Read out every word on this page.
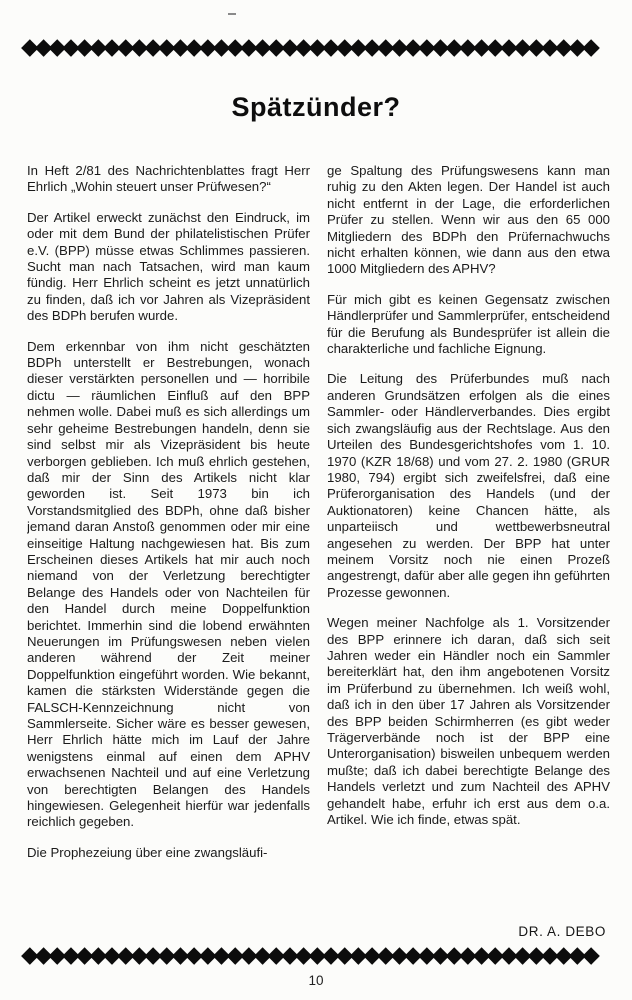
◆◆◆◆◆◆◆◆◆◆◆◆◆◆◆◆◆◆◆◆◆◆◆◆◆◆◆◆◆◆◆◆◆◆◆◆◆◆◆◆◆◆
Spätzünder?

In Heft 2/81 des Nachrichtenblattes fragt Herr Ehrlich „Wohin steuert unser Prüfwesen?“

Der Artikel erweckt zunächst den Eindruck, im oder mit dem Bund der philatelistischen Prüfer e.V. (BPP) müsse etwas Schlimmes passieren. Sucht man nach Tatsachen, wird man kaum fündig. Herr Ehrlich scheint es jetzt unnatürlich zu finden, daß ich vor Jahren als Vizepräsident des BDPh berufen wurde.

Dem erkennbar von ihm nicht geschätzten BDPh unterstellt er Bestrebungen, wonach dieser verstärkten personellen und — horribile dictu — räumlichen Einfluß auf den BPP nehmen wolle. Dabei muß es sich allerdings um sehr geheime Bestrebungen handeln, denn sie sind selbst mir als Vizepräsident bis heute verborgen geblieben. Ich muß ehrlich gestehen, daß mir der Sinn des Artikels nicht klar geworden ist. Seit 1973 bin ich Vorstandsmitglied des BDPh, ohne daß bisher jemand daran Anstoß genommen oder mir eine einseitige Haltung nachgewiesen hat. Bis zum Erscheinen dieses Artikels hat mir auch noch niemand von der Verletzung berechtigter Belange des Handels oder von Nachteilen für den Handel durch meine Doppelfunktion berichtet. Immerhin sind die lobend erwähnten Neuerungen im Prüfungswesen neben vielen anderen während der Zeit meiner Doppelfunktion eingeführt worden. Wie bekannt, kamen die stärksten Widerstände gegen die FALSCH-Kennzeichnung nicht von Sammlerseite. Sicher wäre es besser gewesen, Herr Ehrlich hätte mich im Lauf der Jahre wenigstens einmal auf einen dem APHV erwachsenen Nachteil und auf eine Verletzung von berechtigten Belangen des Handels hingewiesen. Gelegenheit hierfür war jedenfalls reichlich gegeben.

Die Prophezeiung über eine zwangsläufi-

ge Spaltung des Prüfungswesens kann man ruhig zu den Akten legen. Der Handel ist auch nicht entfernt in der Lage, die erforderlichen Prüfer zu stellen. Wenn wir aus den 65 000 Mitgliedern des BDPh den Prüfernachwuchs nicht erhalten können, wie dann aus den etwa 1000 Mitgliedern des APHV?

Für mich gibt es keinen Gegensatz zwischen Händlerprüfer und Sammlerprüfer, entscheidend für die Berufung als Bundesprüfer ist allein die charakterliche und fachliche Eignung.

Die Leitung des Prüferbundes muß nach anderen Grundsätzen erfolgen als die eines Sammler- oder Händlerverbandes. Dies ergibt sich zwangsläufig aus der Rechtslage. Aus den Urteilen des Bundesgerichtshofes vom 1. 10. 1970 (KZR 18/68) und vom 27. 2. 1980 (GRUR 1980, 794) ergibt sich zweifelsfrei, daß eine Prüferorganisation des Handels (und der Auktionatoren) keine Chancen hätte, als unparteiisch und wettbewerbsneutral angesehen zu werden. Der BPP hat unter meinem Vorsitz noch nie einen Prozeß angestrengt, dafür aber alle gegen ihn geführten Prozesse gewonnen.

Wegen meiner Nachfolge als 1. Vorsitzender des BPP erinnere ich daran, daß sich seit Jahren weder ein Händler noch ein Sammler bereiterklärt hat, den ihm angebotenen Vorsitz im Prüferbund zu übernehmen. Ich weiß wohl, daß ich in den über 17 Jahren als Vorsitzender des BPP beiden Schirmherren (es gibt weder Trägerverbände noch ist der BPP eine Unterorganisation) bisweilen unbequem werden mußte; daß ich dabei berechtigte Belange des Handels verletzt und zum Nachteil des APHV gehandelt habe, erfuhr ich erst aus dem o.a. Artikel. Wie ich finde, etwas spät.

DR. A. DEBO
◆◆◆◆◆◆◆◆◆◆◆◆◆◆◆◆◆◆◆◆◆◆◆◆◆◆◆◆◆◆◆◆◆◆◆◆◆◆◆◆◆◆
10
